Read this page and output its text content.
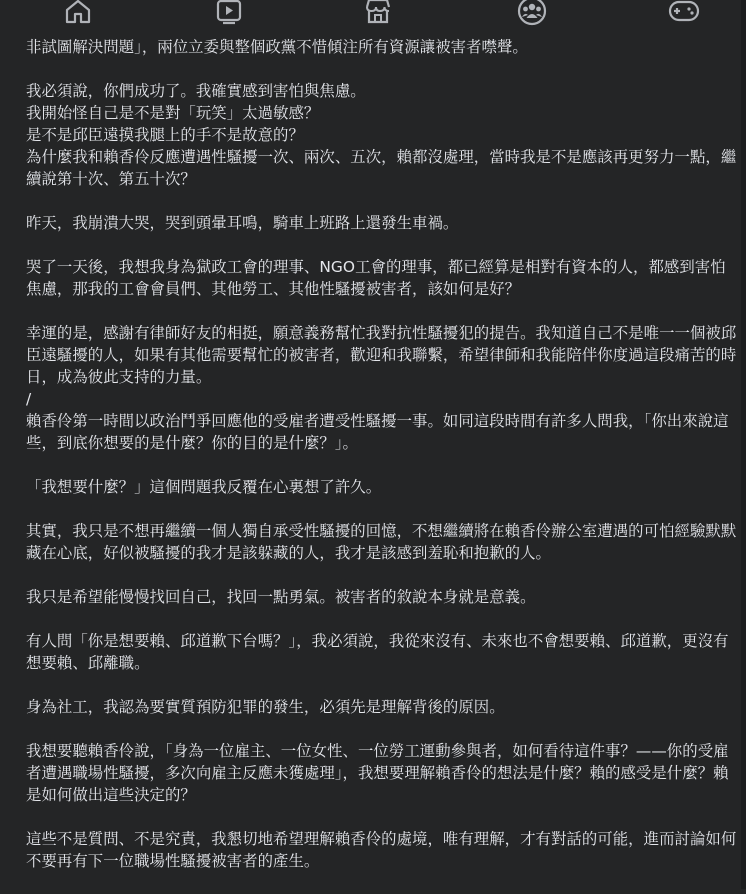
非試圖解決問題」，兩位立委與整個政黨不惜傾注所有資源讓被害者噤聲。

我必須說，你們成功了。我確實感到害怕與焦慮。
我開始怪自己是不是對「玩笑」太過敏感？
是不是邱臣遠摸我腿上的手不是故意的？
為什麼我和賴香伶反應遭遇性騷擾一次、兩次、五次，賴都沒處理，當時我是不是應該再更努力一點，繼續說第十次、第五十次？

昨天，我崩潰大哭，哭到頭暈耳鳴，騎車上班路上還發生車禍。

哭了一天後，我想我身為獄政工會的理事、NGO工會的理事，都已經算是相對有資本的人，都感到害怕焦慮，那我的工會會員們、其他勞工、其他性騷擾被害者，該如何是好？

幸運的是，感謝有律師好友的相挺，願意義務幫忙我對抗性騷擾犯的提告。我知道自己不是唯一一個被邱臣遠騷擾的人，如果有其他需要幫忙的被害者，歡迎和我聯繫，希望律師和我能陪伴你度過這段痛苦的時日，成為彼此支持的力量。

/

賴香伶第一時間以政治鬥爭回應他的受雇者遭受性騷擾一事。如同這段時間有許多人問我，「你出來說這些，到底你想要的是什麼？你的目的是什麼？」。

「我想要什麼？」這個問題我反覆在心裏想了許久。

其實，我只是不想再繼續一個人獨自承受性騷擾的回憶，不想繼續將在賴香伶辦公室遭遇的可怕經驗默默藏在心底，好似被騷擾的我才是該躲藏的人，我才是該感到羞恥和抱歉的人。

我只是希望能慢慢找回自己，找回一點勇氣。被害者的敘說本身就是意義。

有人問「你是想要賴、邱道歉下台嗎？」，我必須說，我從來沒有、未來也不會想要賴、邱道歉，更沒有想要賴、邱離職。

身為社工，我認為要實質預防犯罪的發生，必須先是理解背後的原因。

我想要聽賴香伶說，「身為一位雇主、一位女性、一位勞工運動參與者，如何看待這件事？——你的受雇者遭遇職場性騷擾，多次向雇主反應未獲處理」，我想要理解賴香伶的想法是什麼？賴的感受是什麼？賴是如何做出這些決定的？

這些不是質問、不是究責，我懇切地希望理解賴香伶的處境，唯有理解，才有對話的可能，進而討論如何不要再有下一位職場性騷擾被害者的產生。
